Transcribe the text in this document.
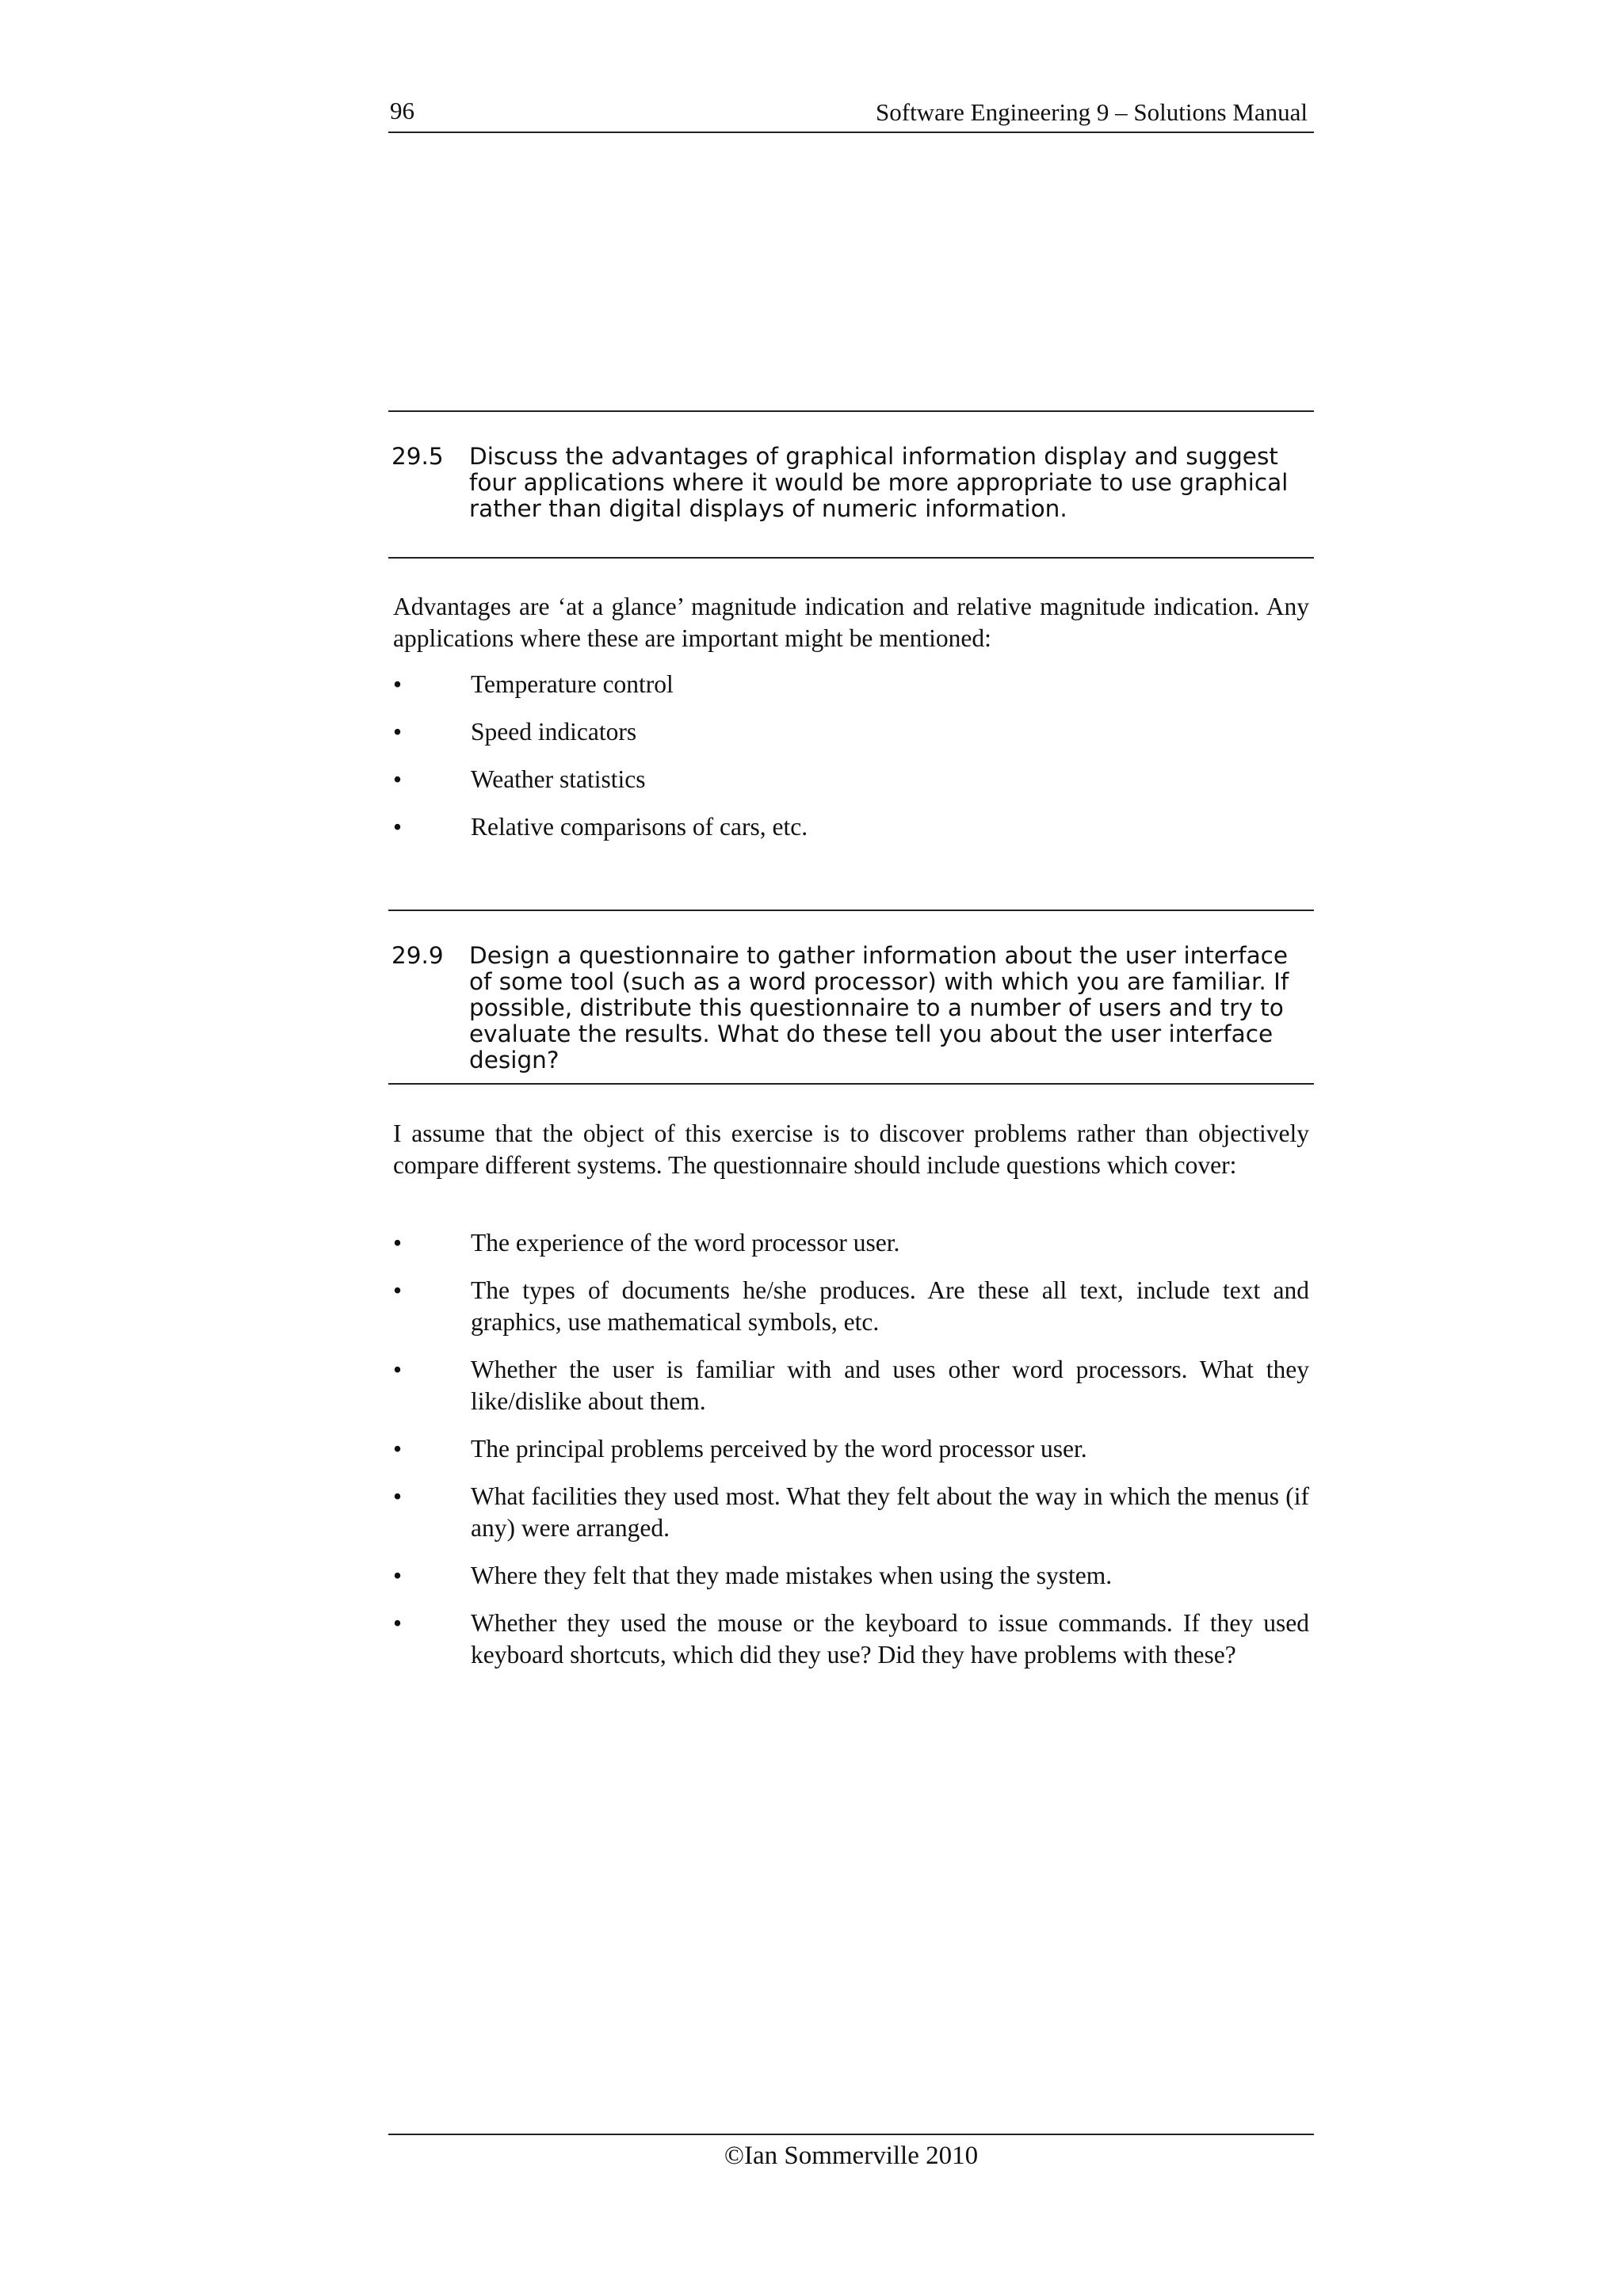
96	Software Engineering 9 – Solutions Manual
29.5 Discuss the advantages of graphical information display and suggest four applications where it would be more appropriate to use graphical rather than digital displays of numeric information.
Advantages are ‘at a glance’ magnitude indication and relative magnitude indication. Any applications where these are important might be mentioned:
•	Temperature control
•	Speed indicators
•	Weather statistics
•	Relative comparisons of cars, etc.
29.9 Design a questionnaire to gather information about the user interface of some tool (such as a word processor) with which you are familiar. If possible, distribute this questionnaire to a number of users and try to evaluate the results. What do these tell you about the user interface design?
I assume that the object of this exercise is to discover problems rather than objectively compare different systems. The questionnaire should include questions which cover:
•	The experience of the word processor user.
•	The types of documents he/she produces. Are these all text, include text and graphics, use mathematical symbols, etc.
•	Whether the user is familiar with and uses other word processors. What they like/dislike about them.
•	The principal problems perceived by the word processor user.
•	What facilities they used most. What they felt about the way in which the menus (if any) were arranged.
•	Where they felt that they made mistakes when using the system.
•	Whether they used the mouse or the keyboard to issue commands. If they used keyboard shortcuts, which did they use? Did they have problems with these?
©Ian Sommerville 2010
